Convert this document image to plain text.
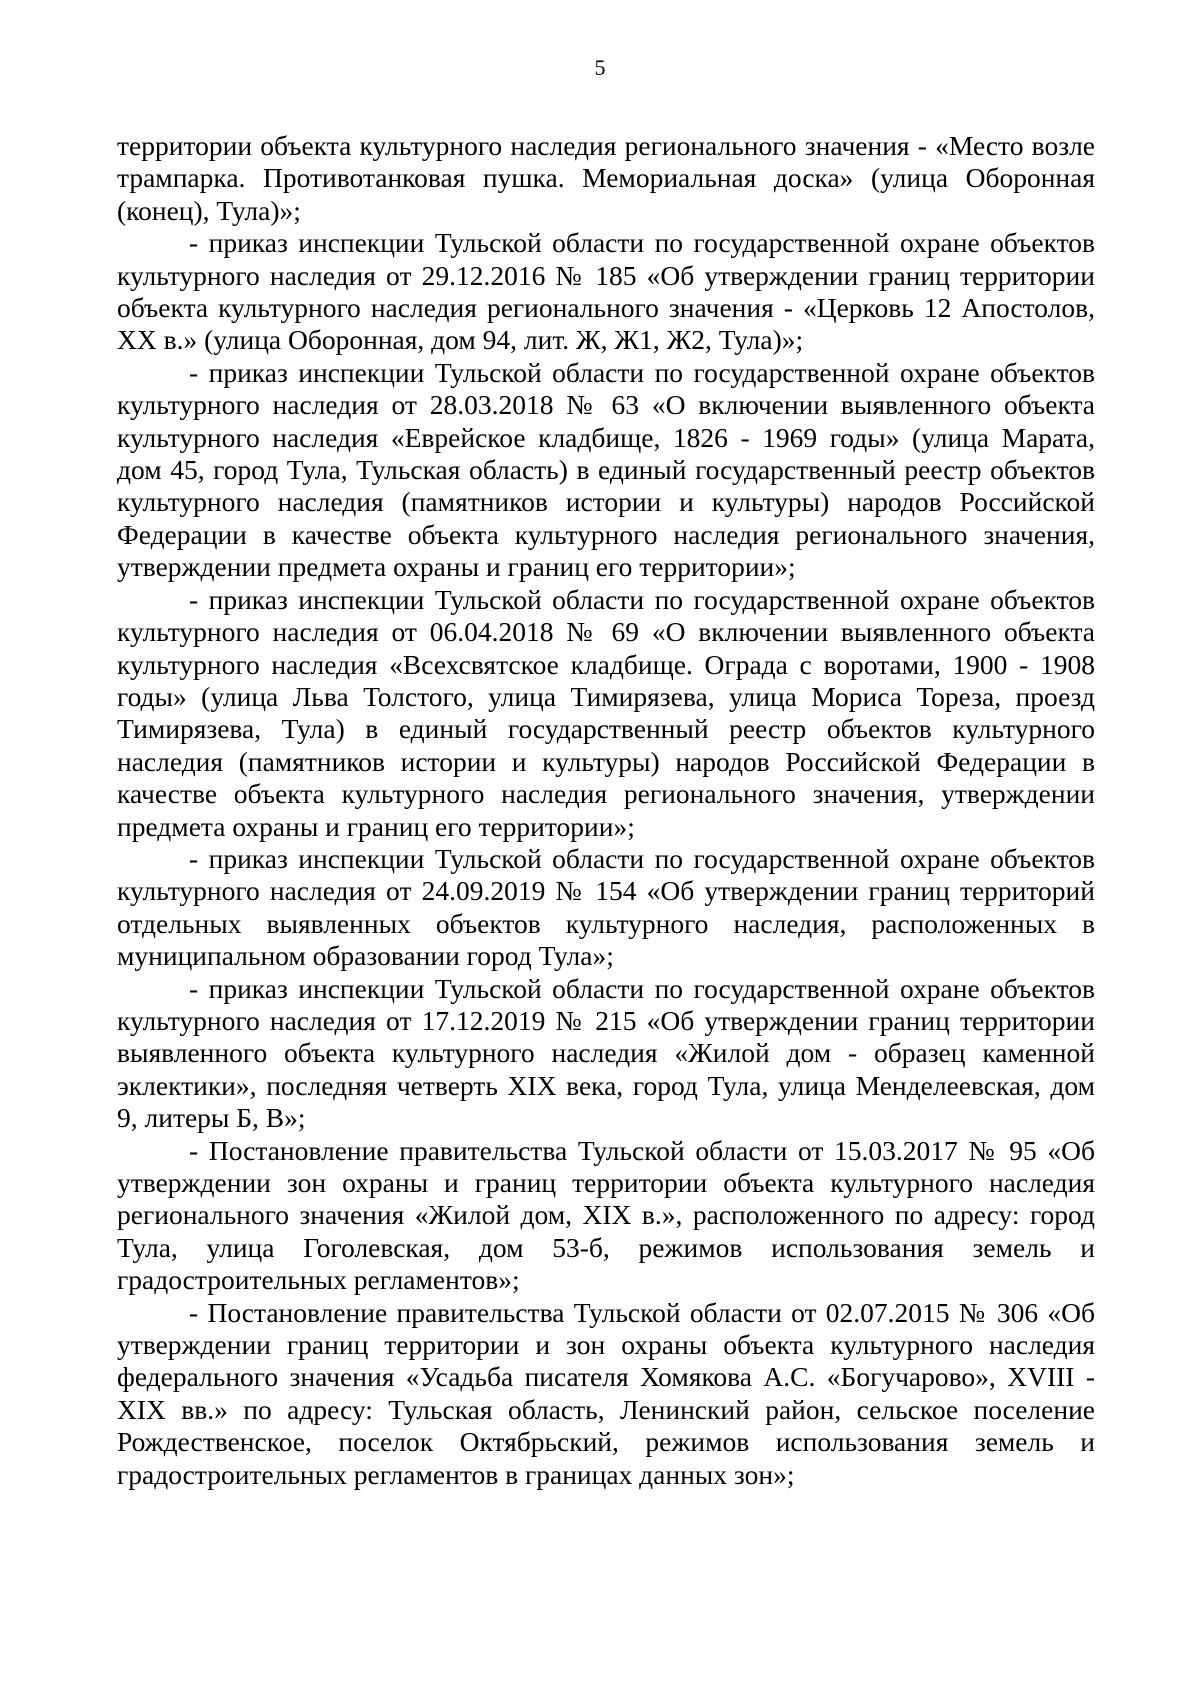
5

территории объекта культурного наследия регионального значения - «Место возле трампарка. Противотанковая пушка. Мемориальная доска» (улица Оборонная (конец), Тула)»;

- приказ инспекции Тульской области по государственной охране объектов культурного наследия от 29.12.2016 № 185 «Об утверждении границ территории объекта культурного наследия регионального значения - «Церковь 12 Апостолов, XX в.» (улица Оборонная, дом 94, лит. Ж, Ж1, Ж2, Тула)»;

- приказ инспекции Тульской области по государственной охране объектов культурного наследия от 28.03.2018 № 63 «О включении выявленного объекта культурного наследия «Еврейское кладбище, 1826 - 1969 годы» (улица Марата, дом 45, город Тула, Тульская область) в единый государственный реестр объектов культурного наследия (памятников истории и культуры) народов Российской Федерации в качестве объекта культурного наследия регионального значения, утверждении предмета охраны и границ его территории»;

- приказ инспекции Тульской области по государственной охране объектов культурного наследия от 06.04.2018 № 69 «О включении выявленного объекта культурного наследия «Всехсвятское кладбище. Ограда с воротами, 1900 - 1908 годы» (улица Льва Толстого, улица Тимирязева, улица Мориса Тореза, проезд Тимирязева, Тула) в единый государственный реестр объектов культурного наследия (памятников истории и культуры) народов Российской Федерации в качестве объекта культурного наследия регионального значения, утверждении предмета охраны и границ его территории»;

- приказ инспекции Тульской области по государственной охране объектов культурного наследия от 24.09.2019 № 154 «Об утверждении границ территорий отдельных выявленных объектов культурного наследия, расположенных в муниципальном образовании город Тула»;

- приказ инспекции Тульской области по государственной охране объектов культурного наследия от 17.12.2019 № 215 «Об утверждении границ территории выявленного объекта культурного наследия «Жилой дом - образец каменной эклектики», последняя четверть XIX века, город Тула, улица Менделеевская, дом 9, литеры Б, В»;

- Постановление правительства Тульской области от 15.03.2017 № 95 «Об утверждении зон охраны и границ территории объекта культурного наследия регионального значения «Жилой дом, XIX в.», расположенного по адресу: город Тула, улица Гоголевская, дом 53-б, режимов использования земель и градостроительных регламентов»;

- Постановление правительства Тульской области от 02.07.2015 № 306 «Об утверждении границ территории и зон охраны объекта культурного наследия федерального значения «Усадьба писателя Хомякова А.С. «Богучарово», XVIII - XIX вв.» по адресу: Тульская область, Ленинский район, сельское поселение Рождественское, поселок Октябрьский, режимов использования земель и градостроительных регламентов в границах данных зон»;
